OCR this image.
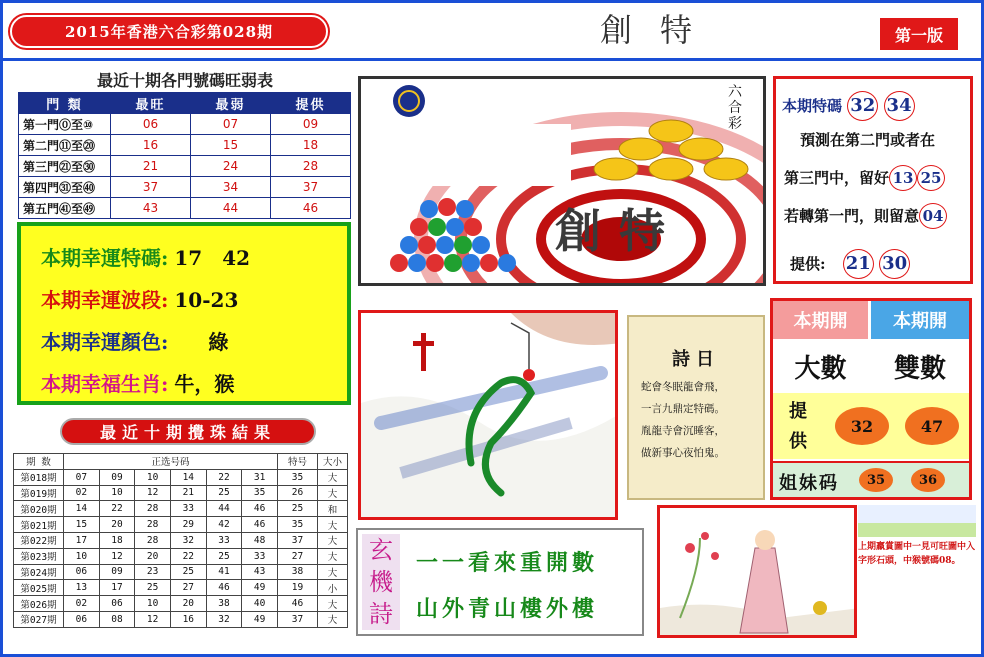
2015年香港六合彩第028期	創特	第一版
最近十期各門號碼旺弱表
門 類	最旺	最弱	提供
第一門⓪至⑩	06	07	09
第二門⑪至⑳	16	15	18
第三門㉑至㉚	21	24	28
第四門㉛至㊵	37	34	37
第五門㊶至㊾	43	44	46
本期幸運特碼: 17　42
本期幸運波段: 10-23
本期幸運顏色: 綠
本期幸福生肖: 牛，猴
最近十期攪珠結果
期 数	正选号码						特号	大小
第018期	07	09	10	14	22	31	35	大
第019期	02	10	12	21	25	35	26	大
第020期	14	22	28	33	44	46	25	和
第021期	15	20	28	29	42	46	35	大
第022期	17	18	28	32	33	48	37	大
第023期	10	12	20	22	25	33	27	大
第024期	06	09	23	25	41	43	38	大
第025期	13	17	25	27	46	49	19	小
第026期	02	06	10	20	38	40	46	大
第027期	06	08	12	16	32	49	37	大
創特
六合彩
本期特碼 32 34
預測在第二門或者在
第三門中，留好 13 25
若轉第一門，則留意 04
提供: 21 30
詩日
蛇會冬眠龍會飛，
一言九鼎定特碼。
胤龍寺會沉睡客，
做新事心夜怕鬼。
本期開	本期開
大數	雙數
提供
32	47
姐妹码 35	36
玄機詩
一一看來重開數
山外青山樓外樓
上期羸賞圖中一見可旺圖中入字形石頭，中猴號碼08。
